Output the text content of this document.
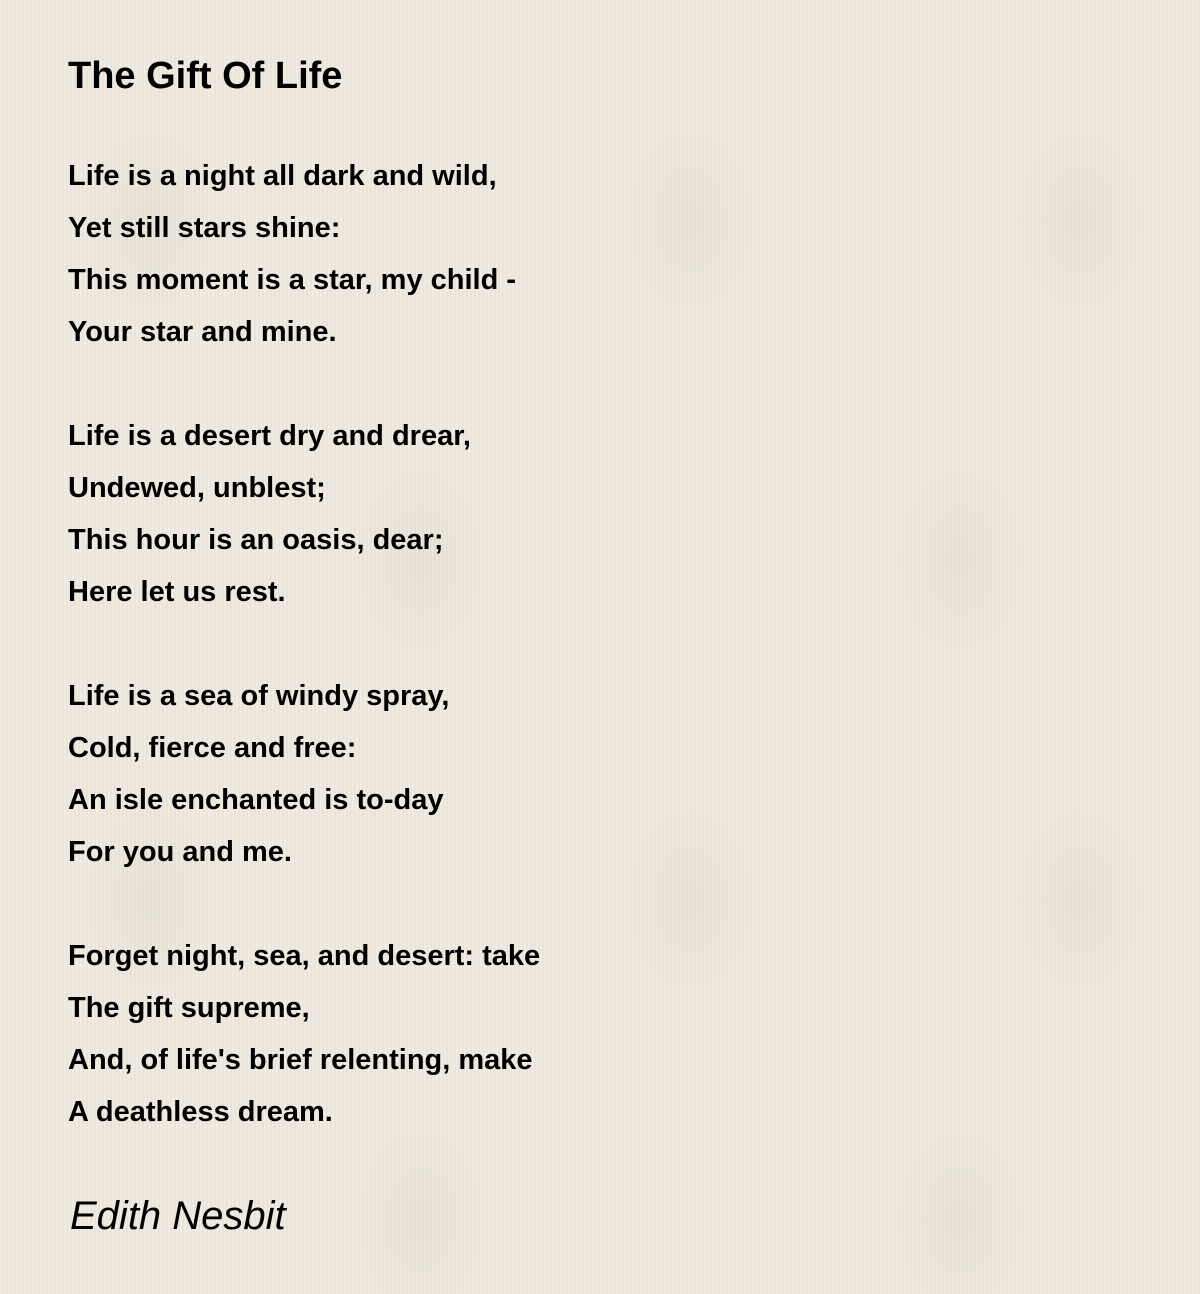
The Gift Of Life
Life is a night all dark and wild,
Yet still stars shine:
This moment is a star, my child -
Your star and mine.
Life is a desert dry and drear,
Undewed, unblest;
This hour is an oasis, dear;
Here let us rest.
Life is a sea of windy spray,
Cold, fierce and free:
An isle enchanted is to-day
For you and me.
Forget night, sea, and desert: take
The gift supreme,
And, of life's brief relenting, make
A deathless dream.
Edith Nesbit
